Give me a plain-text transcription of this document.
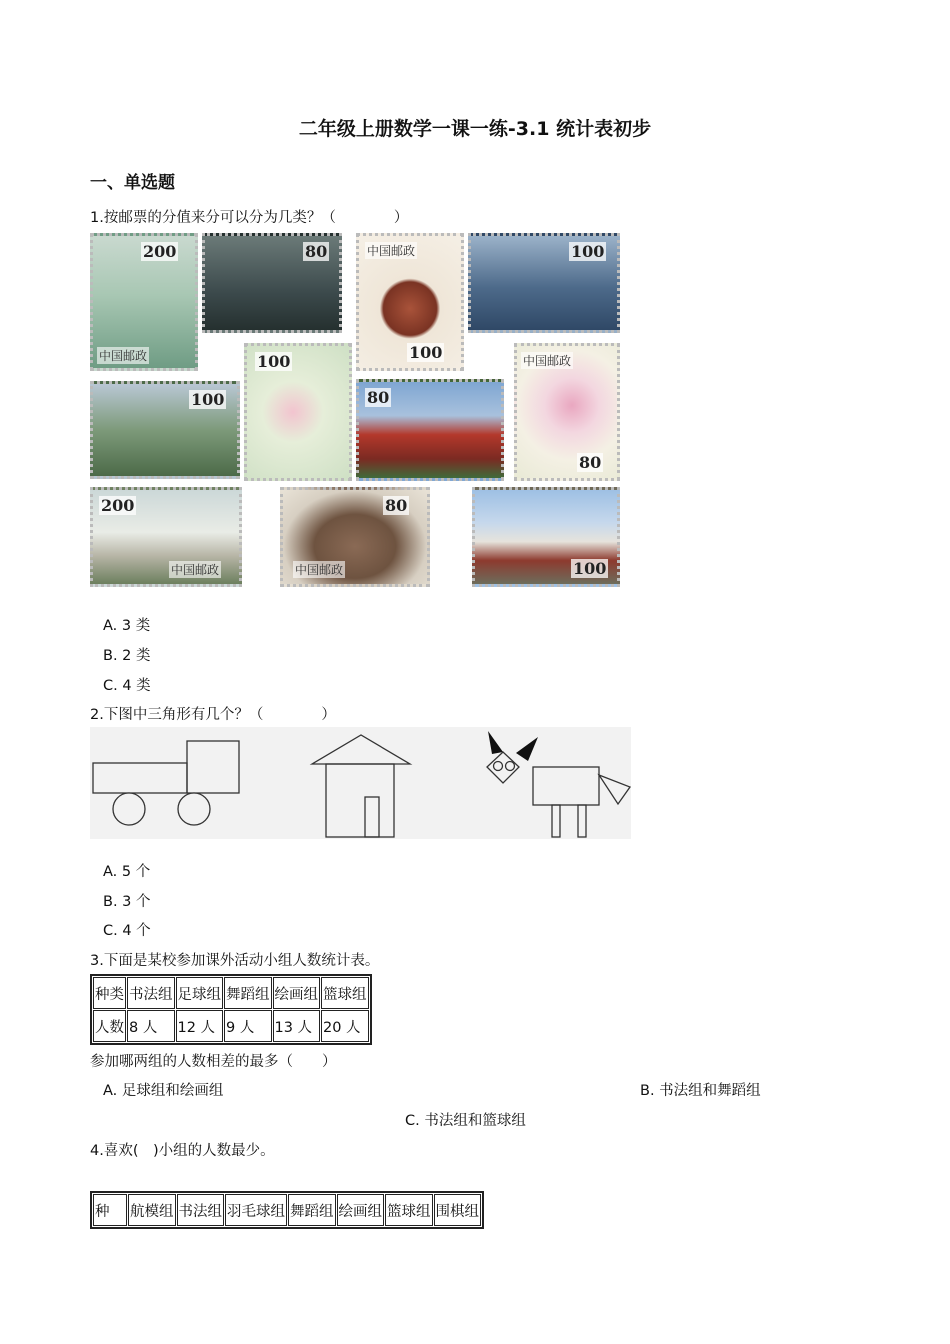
二年级上册数学一课一练-3.1 统计表初步
一、单选题
1.按邮票的分值来分可以分为几类？（　　　　）
200
中国邮政
80	中国邮政
100
100
100
100
80
中国邮政
80
200
中国邮政
80
中国邮政	100
A. 3 类
B. 2 类
C. 4 类
2.下图中三角形有几个？（　　　　）
A. 5 个
B. 3 个
C. 4 个
3.下面是某校参加课外活动小组人数统计表。
种类	书法组	足球组	舞蹈组	绘画组	篮球组
人数	8 人	12 人	9 人	13 人	20 人
参加哪两组的人数相差的最多（　　）
A. 足球组和绘画组	B. 书法组和舞蹈组
C. 书法组和篮球组
4.喜欢(　)小组的人数最少。
种	航模组	书法组	羽毛球组	舞蹈组	绘画组	篮球组	围棋组
